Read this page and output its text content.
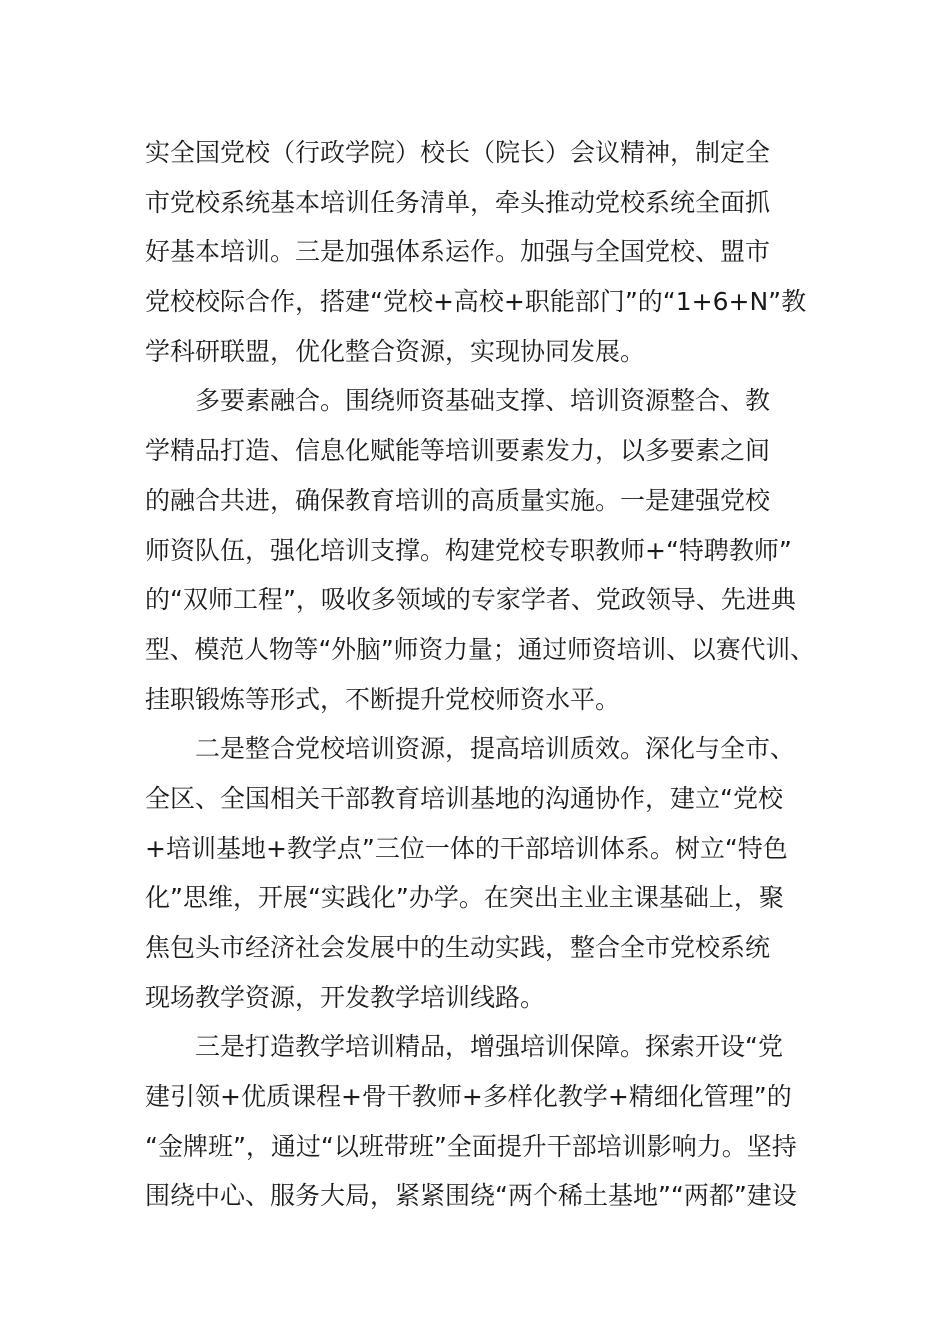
实全国党校（行政学院）校长（院长）会议精神，制定全
市党校系统基本培训任务清单，牵头推动党校系统全面抓
好基本培训。三是加强体系运作。加强与全国党校、盟市
党校校际合作，搭建“党校+高校+职能部门”的“1+6+N”教
学科研联盟，优化整合资源，实现协同发展。
　　多要素融合。围绕师资基础支撑、培训资源整合、教
学精品打造、信息化赋能等培训要素发力，以多要素之间
的融合共进，确保教育培训的高质量实施。一是建强党校
师资队伍，强化培训支撑。构建党校专职教师+“特聘教师”
的“双师工程”，吸收多领域的专家学者、党政领导、先进典
型、模范人物等“外脑”师资力量；通过师资培训、以赛代训、
挂职锻炼等形式，不断提升党校师资水平。
　　二是整合党校培训资源，提高培训质效。深化与全市、
全区、全国相关干部教育培训基地的沟通协作，建立“党校
+培训基地+教学点”三位一体的干部培训体系。树立“特色
化”思维，开展“实践化”办学。在突出主业主课基础上，聚
焦包头市经济社会发展中的生动实践，整合全市党校系统
现场教学资源，开发教学培训线路。
　　三是打造教学培训精品，增强培训保障。探索开设“党
建引领+优质课程+骨干教师+多样化教学+精细化管理”的
“金牌班”，通过“以班带班”全面提升干部培训影响力。坚持
围绕中心、服务大局，紧紧围绕“两个稀土基地”“两都”建设
